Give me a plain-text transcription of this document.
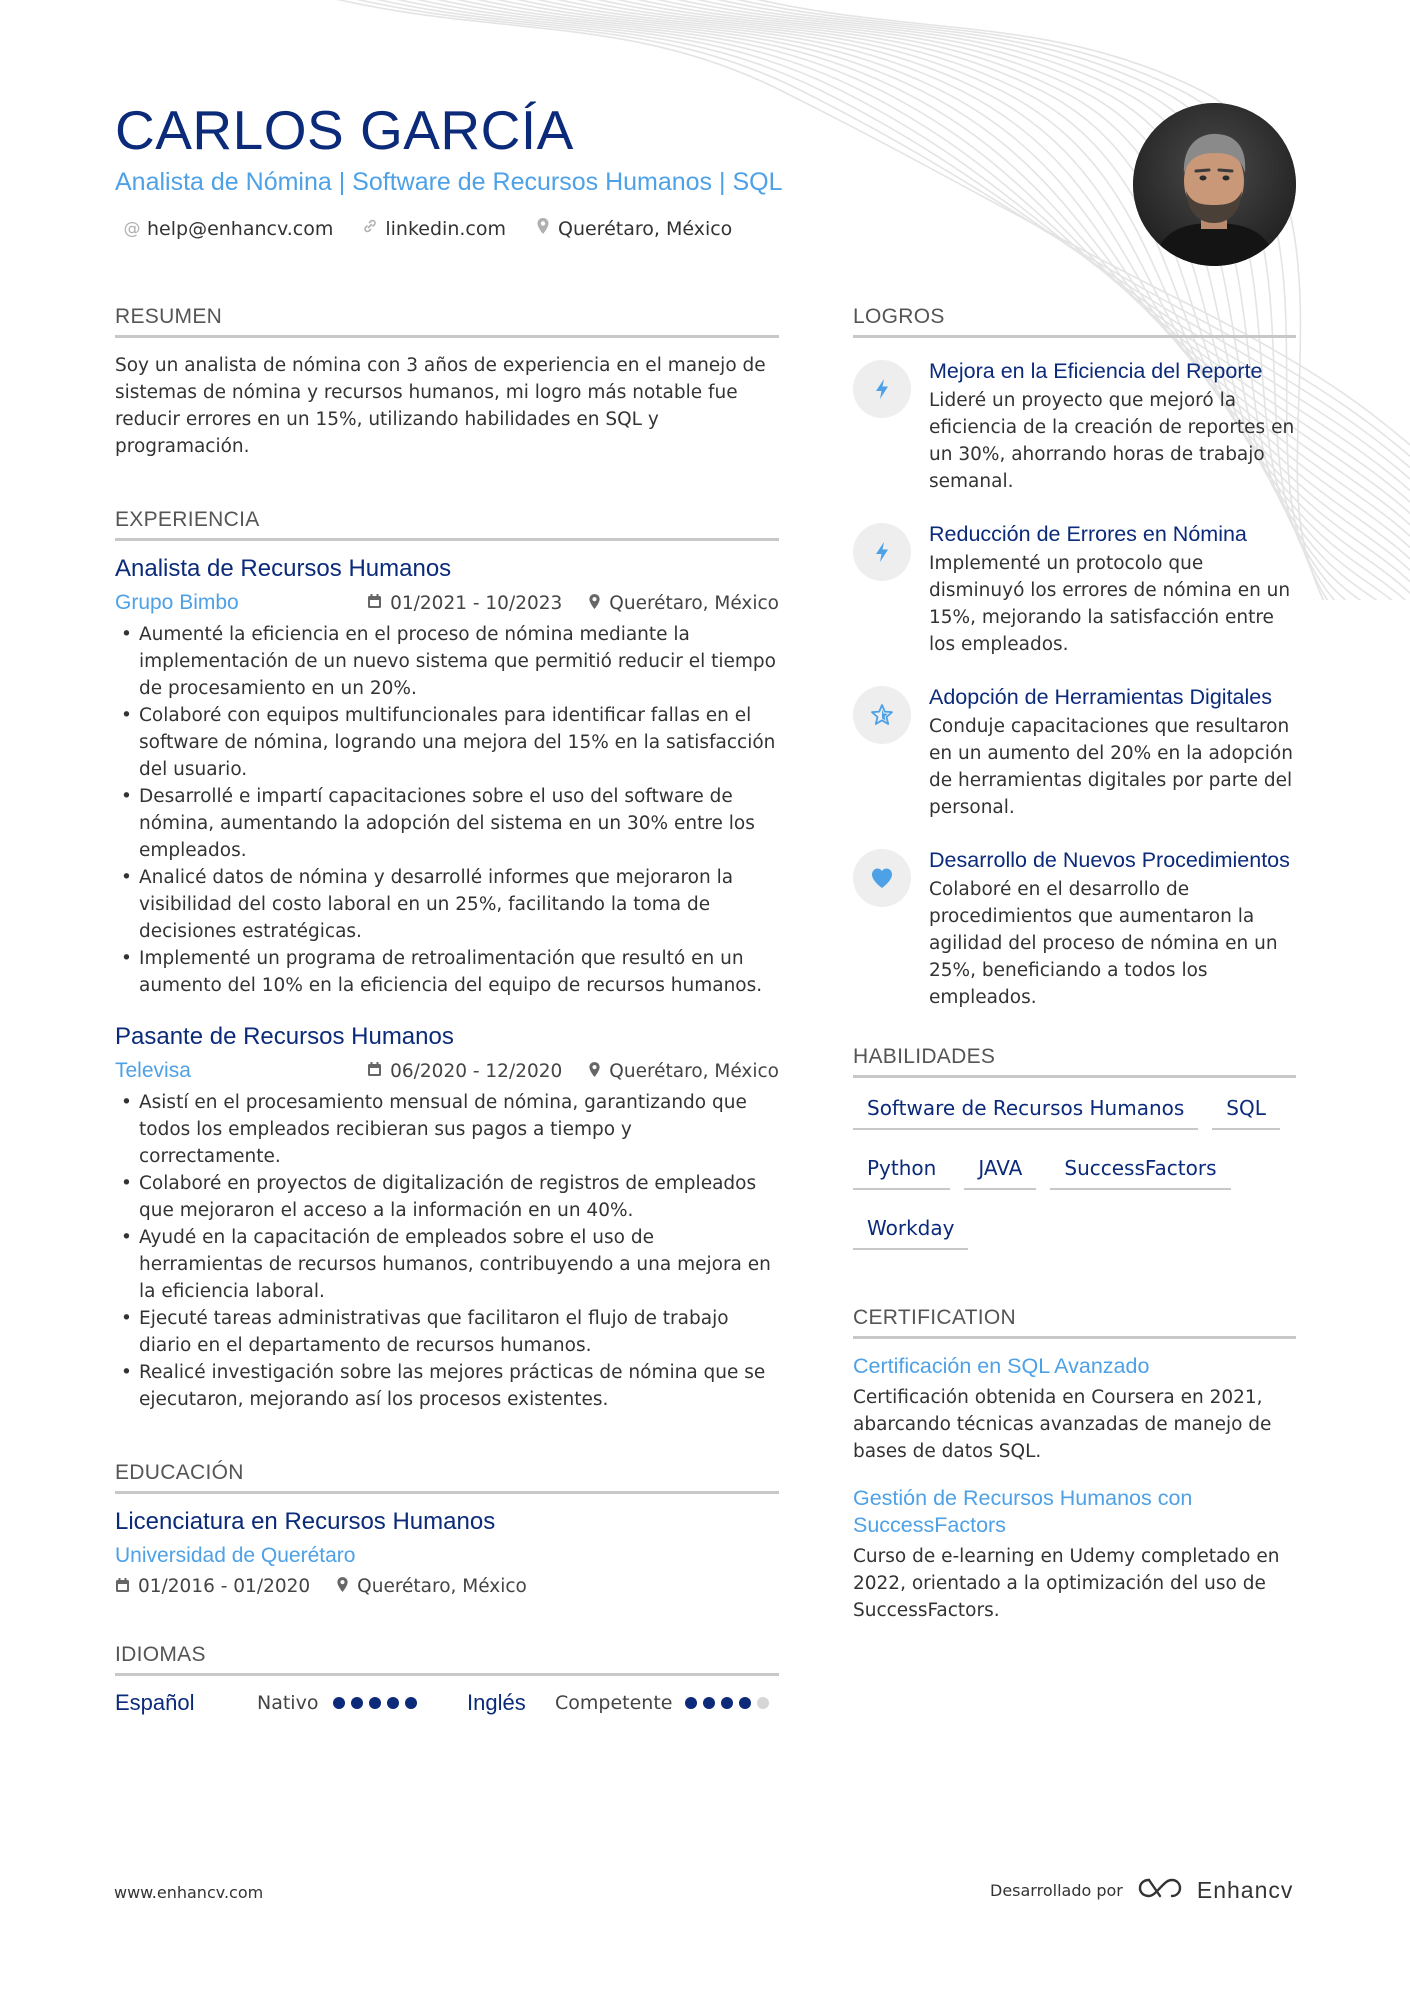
CARLOS GARCÍA
Analista de Nómina | Software de Recursos Humanos | SQL
@ help@enhancv.com	linkedin.com	Querétaro, México
RESUMEN

Soy un analista de nómina con 3 años de experiencia en el manejo de sistemas de nómina y recursos humanos, mi logro más notable fue reducir errores en un 15%, utilizando habilidades en SQL y programación.

EXPERIENCIA
Analista de Recursos Humanos
Grupo Bimbo	01/2021 - 10/2023	Querétaro, México
• Aumenté la eficiencia en el proceso de nómina mediante la implementación de un nuevo sistema que permitió reducir el tiempo de procesamiento en un 20%.
• Colaboré con equipos multifuncionales para identificar fallas en el software de nómina, logrando una mejora del 15% en la satisfacción del usuario.
• Desarrollé e impartí capacitaciones sobre el uso del software de nómina, aumentando la adopción del sistema en un 30% entre los empleados.
• Analicé datos de nómina y desarrollé informes que mejoraron la visibilidad del costo laboral en un 25%, facilitando la toma de decisiones estratégicas.
• Implementé un programa de retroalimentación que resultó en un aumento del 10% en la eficiencia del equipo de recursos humanos.
Pasante de Recursos Humanos
Televisa	06/2020 - 12/2020	Querétaro, México
• Asistí en el procesamiento mensual de nómina, garantizando que todos los empleados recibieran sus pagos a tiempo y correctamente.
• Colaboré en proyectos de digitalización de registros de empleados que mejoraron el acceso a la información en un 40%.
• Ayudé en la capacitación de empleados sobre el uso de herramientas de recursos humanos, contribuyendo a una mejora en la eficiencia laboral.
• Ejecuté tareas administrativas que facilitaron el flujo de trabajo diario en el departamento de recursos humanos.
• Realicé investigación sobre las mejores prácticas de nómina que se ejecutaron, mejorando así los procesos existentes.
EDUCACIÓN
Licenciatura en Recursos Humanos
Universidad de Querétaro
01/2016 - 01/2020	Querétaro, México
IDIOMAS
Español	Nativo	Inglés	Competente
LOGROS
Mejora en la Eficiencia del Reporte
Lideré un proyecto que mejoró la eficiencia de la creación de reportes en un 30%, ahorrando horas de trabajo semanal.
Reducción de Errores en Nómina
Implementé un protocolo que disminuyó los errores de nómina en un 15%, mejorando la satisfacción entre los empleados.
Adopción de Herramientas Digitales
Conduje capacitaciones que resultaron en un aumento del 20% en la adopción de herramientas digitales por parte del personal.
Desarrollo de Nuevos Procedimientos
Colaboré en el desarrollo de procedimientos que aumentaron la agilidad del proceso de nómina en un 25%, beneficiando a todos los empleados.
HABILIDADES
Software de Recursos Humanos	SQL
Python	JAVA	SuccessFactors
Workday
CERTIFICATION
Certificación en SQL Avanzado
Certificación obtenida en Coursera en 2021, abarcando técnicas avanzadas de manejo de bases de datos SQL.
Gestión de Recursos Humanos con SuccessFactors
Curso de e-learning en Udemy completado en 2022, orientado a la optimización del uso de SuccessFactors.
www.enhancv.com	Desarrollado por	Enhancv
